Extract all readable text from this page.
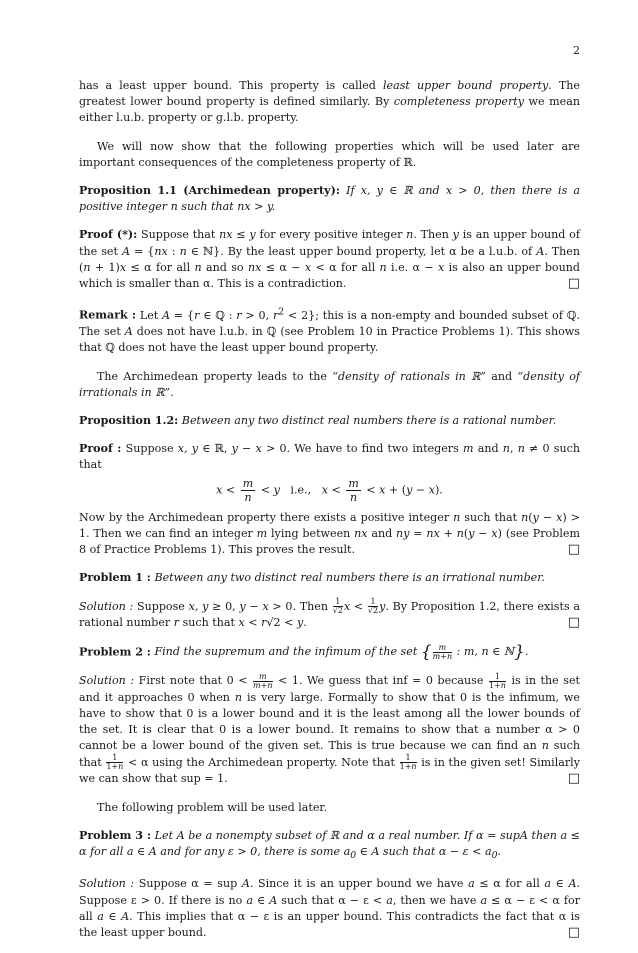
2

has a least upper bound. This property is called least upper bound property. The greatest lower bound property is defined similarly. By completeness property we mean either l.u.b. property or g.l.b. property.

We will now show that the following properties which will be used later are important consequences of the completeness property of ℝ.

Proposition 1.1 (Archimedean property): If x, y ∈ ℝ and x > 0, then there is a positive integer n such that nx > y.

Proof (*): Suppose that nx ≤ y for every positive integer n. Then y is an upper bound of the set A = {nx : n ∈ ℕ}. By the least upper bound property, let α be a l.u.b. of A. Then (n + 1)x ≤ α for all n and so nx ≤ α − x < α for all n i.e. α − x is also an upper bound which is smaller than α. This is a contradiction.	□

Remark : Let A = {r ∈ ℚ : r > 0, $r^2 < 2$}; this is a non-empty and bounded subset of ℚ. The set A does not have l.u.b. in ℚ (see Problem 10 in Practice Problems 1). This shows that ℚ does not have the least upper bound property.

The Archimedean property leads to the “density of rationals in ℝ” and “density of irrationals in ℝ”.

Proposition 1.2: Between any two distinct real numbers there is a rational number.

Proof : Suppose x, y ∈ ℝ, y − x > 0. We have to find two integers m and n, n ≠ 0 such that

$x < \frac{m}{n} < y$   i.e.,   $x < \frac{m}{n} < x + (y - x)$.

Now by the Archimedean property there exists a positive integer n such that n(y − x) > 1. Then we can find an integer m lying between nx and ny = nx + n(y − x) (see Problem 8 of Practice Problems 1). This proves the result.	□

Problem 1 : Between any two distinct real numbers there is an irrational number.

Solution : Suppose x, y ≥ 0, y − x > 0. Then $\frac{1}{√2}$ $x < \frac{1}{√2} y$. By Proposition 1.2, there exists a rational number r such that x < r√2 < y.	□

Problem 2 : Find the supremum and the infimum of the set { $\frac{m}{m+n}$ : m, n ∈ ℕ}.

Solution : First note that $0 < \frac{m}{m+n} < 1$. We guess that inf = 0 because $\frac{1}{1+n}$ is in the set and it approaches 0 when n is very large. Formally to show that 0 is the infimum, we have to show that 0 is a lower bound and it is the least among all the lower bounds of the set. It is clear that 0 is a lower bound. It remains to show that a number α > 0 cannot be a lower bound of the given set. This is true because we can find an n such that $\frac{1}{1+n} < \alpha$ using the Archimedean property. Note that $\frac{1}{1+n}$ is in the given set! Similarly we can show that sup = 1.	□

The following problem will be used later.

Problem 3 : Let A be a nonempty subset of ℝ and α a real number. If α = supA then a ≤ α for all a ∈ A and for any ε > 0, there is some $a_0$ ∈ A such that $\alpha - \varepsilon < a_0$.

Solution : Suppose α = sup A. Since it is an upper bound we have a ≤ α for all a ∈ A. Suppose ε > 0. If there is no a ∈ A such that α − ε < a, then we have a ≤ α − ε < α for all a ∈ A. This implies that α − ε is an upper bound. This contradicts the fact that α is the least upper bound.	□
